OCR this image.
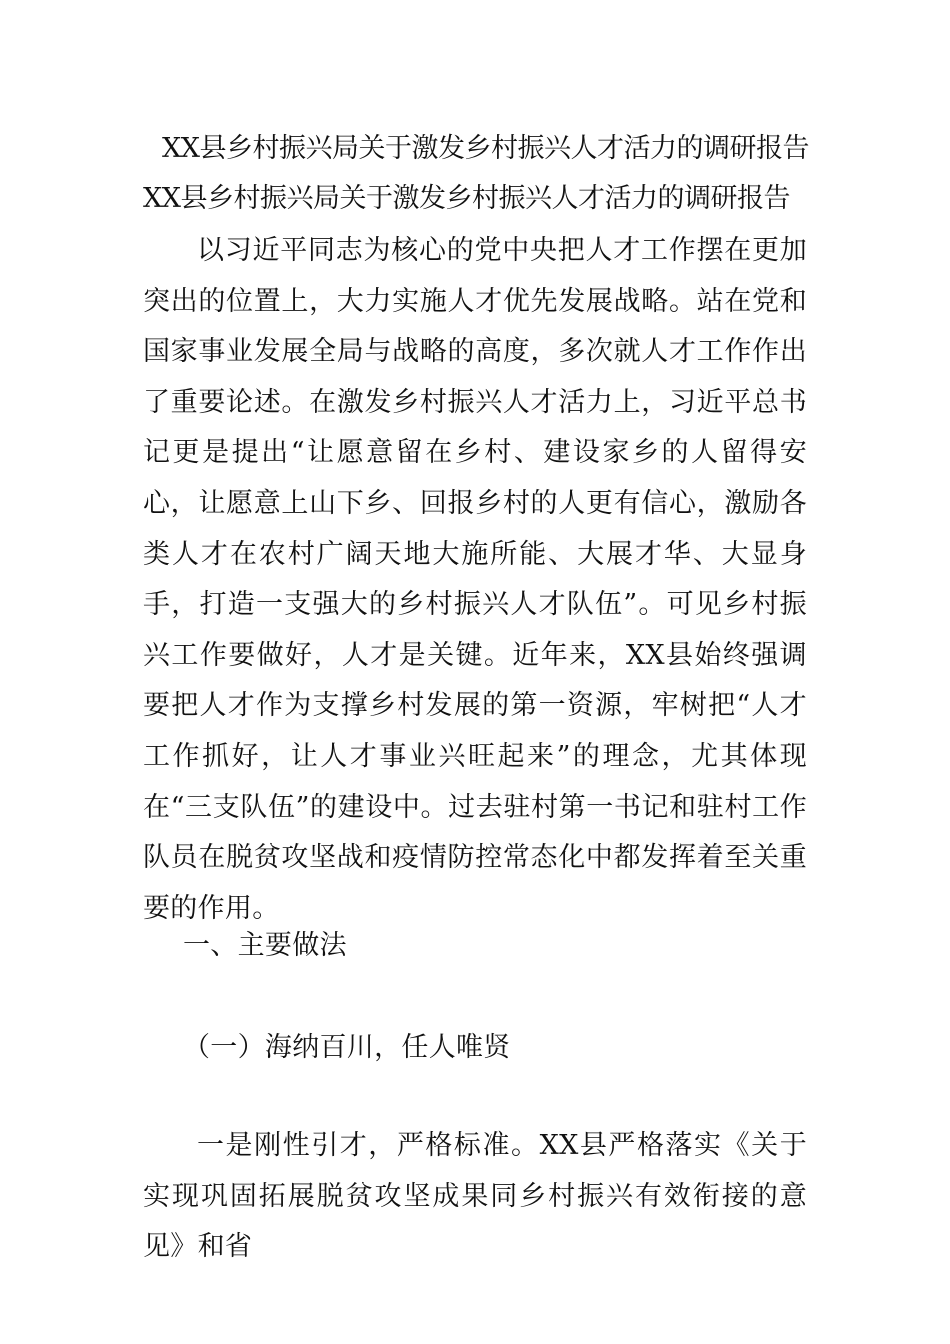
XX县乡村振兴局关于激发乡村振兴人才活力的调研报告
XX县乡村振兴局关于激发乡村振兴人才活力的调研报告

以习近平同志为核心的党中央把人才工作摆在更加突出的位置上，大力实施人才优先发展战略。站在党和国家事业发展全局与战略的高度，多次就人才工作作出了重要论述。在激发乡村振兴人才活力上，习近平总书记更是提出“让愿意留在乡村、建设家乡的人留得安心，让愿意上山下乡、回报乡村的人更有信心，激励各类人才在农村广阔天地大施所能、大展才华、大显身手，打造一支强大的乡村振兴人才队伍”。可见乡村振兴工作要做好，人才是关键。近年来，XX县始终强调要把人才作为支撑乡村发展的第一资源，牢树把“人才工作抓好，让人才事业兴旺起来”的理念，尤其体现在“三支队伍”的建设中。过去驻村第一书记和驻村工作队员在脱贫攻坚战和疫情防控常态化中都发挥着至关重要的作用。

一、主要做法
（一）海纳百川，任人唯贤

一是刚性引才，严格标准。XX县严格落实《关于实现巩固拓展脱贫攻坚成果同乡村振兴有效衔接的意见》和省
